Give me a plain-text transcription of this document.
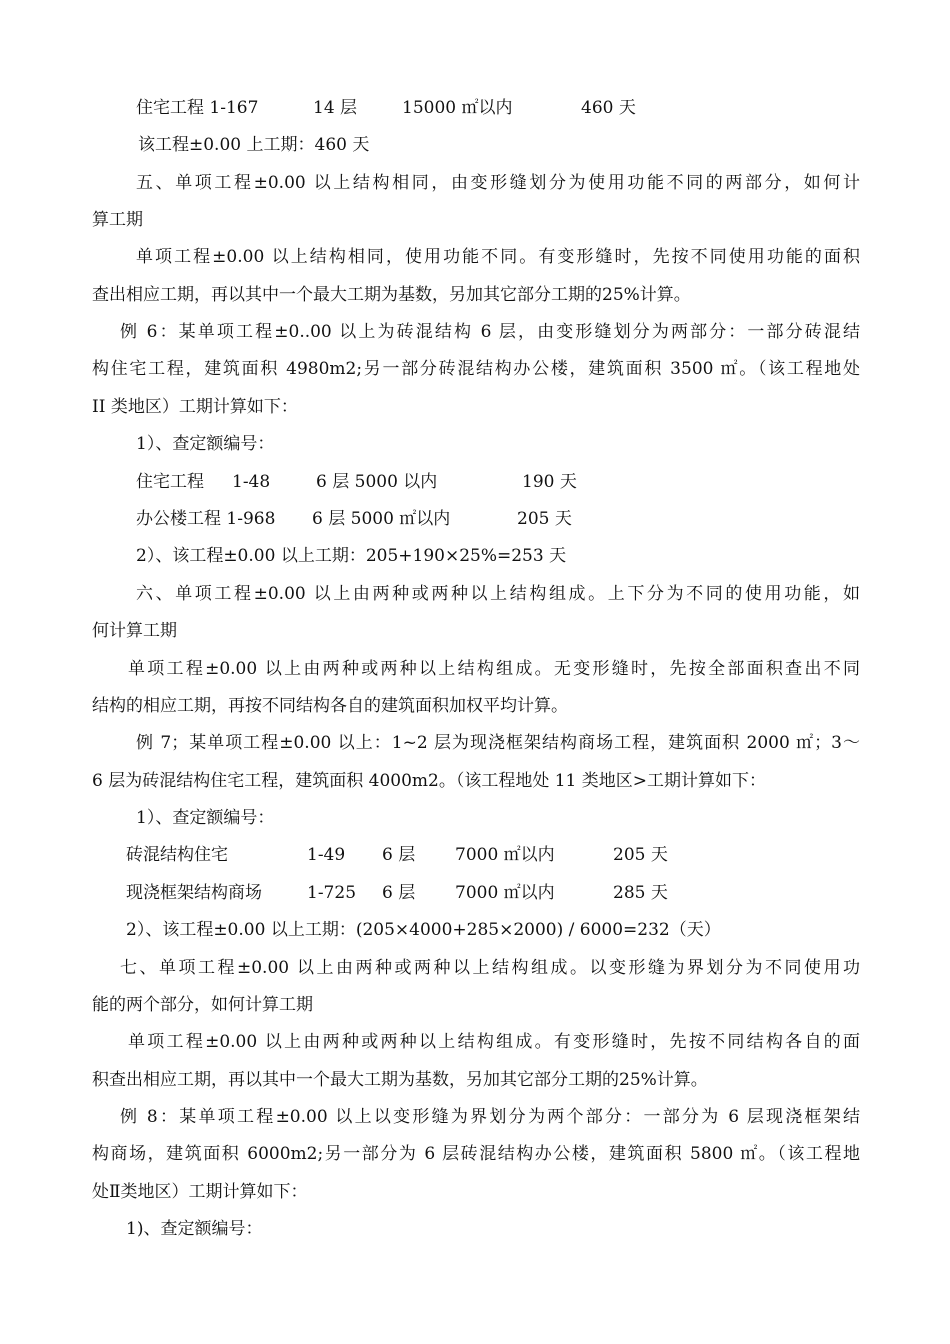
住宅工程 1-167	14 层	15000 ㎡以内	460 天

该工程±0.00 上工期：460 天

五、单项工程±0.00 以上结构相同，由变形缝划分为使用功能不同的两部分，如何计

算工期

单项工程±0.00 以上结构相同，使用功能不同。有变形缝时，先按不同使用功能的面积

查出相应工期，再以其中一个最大工期为基数，另加其它部分工期的25%计算。

例 6：某单项工程±0..00 以上为砖混结构 6 层，由变形缝划分为两部分：一部分砖混结

构住宅工程，建筑面积 4980m2;另一部分砖混结构办公楼，建筑面积 3500 ㎡。（该工程地处

II 类地区）工期计算如下：

1）、查定额编号：

住宅工程 1-48	6 层 5000 以内	190 天
办公楼工程 1-968 6 层 5000 ㎡以内	205 天

2）、该工程±0.00 以上工期：205+190×25%=253 天

六、单项工程±0.00 以上由两种或两种以上结构组成。上下分为不同的使用功能，如

何计算工期

单项工程±0.00 以上由两种或两种以上结构组成。无变形缝时，先按全部面积查出不同

结构的相应工期，再按不同结构各自的建筑面积加权平均计算。

例 7；某单项工程±0.00 以上：1~2 层为现浇框架结构商场工程，建筑面积 2000 ㎡；3～

6 层为砖混结构住宅工程，建筑面积 4000m2。（该工程地处 11 类地区>工期计算如下：

1）、查定额编号：

砖混结构住宅	1-49 6 层 7000 ㎡以内	205 天
现浇框架结构商场	1-725 6 层 7000 ㎡以内	285 天

2）、该工程±0.00 以上工期：(205×4000+285×2000) / 6000=232（天）

七、单项工程±0.00 以上由两种或两种以上结构组成。以变形缝为界划分为不同使用功

能的两个部分，如何计算工期

单项工程±0.00 以上由两种或两种以上结构组成。有变形缝时，先按不同结构各自的面

积查出相应工期，再以其中一个最大工期为基数，另加其它部分工期的25%计算。

例 8：某单项工程±0.00 以上以变形缝为界划分为两个部分：一部分为 6 层现浇框架结

构商场，建筑面积 6000m2;另一部分为 6 层砖混结构办公楼，建筑面积 5800 ㎡。（该工程地

处Ⅱ类地区）工期计算如下：

1)、查定额编号：
